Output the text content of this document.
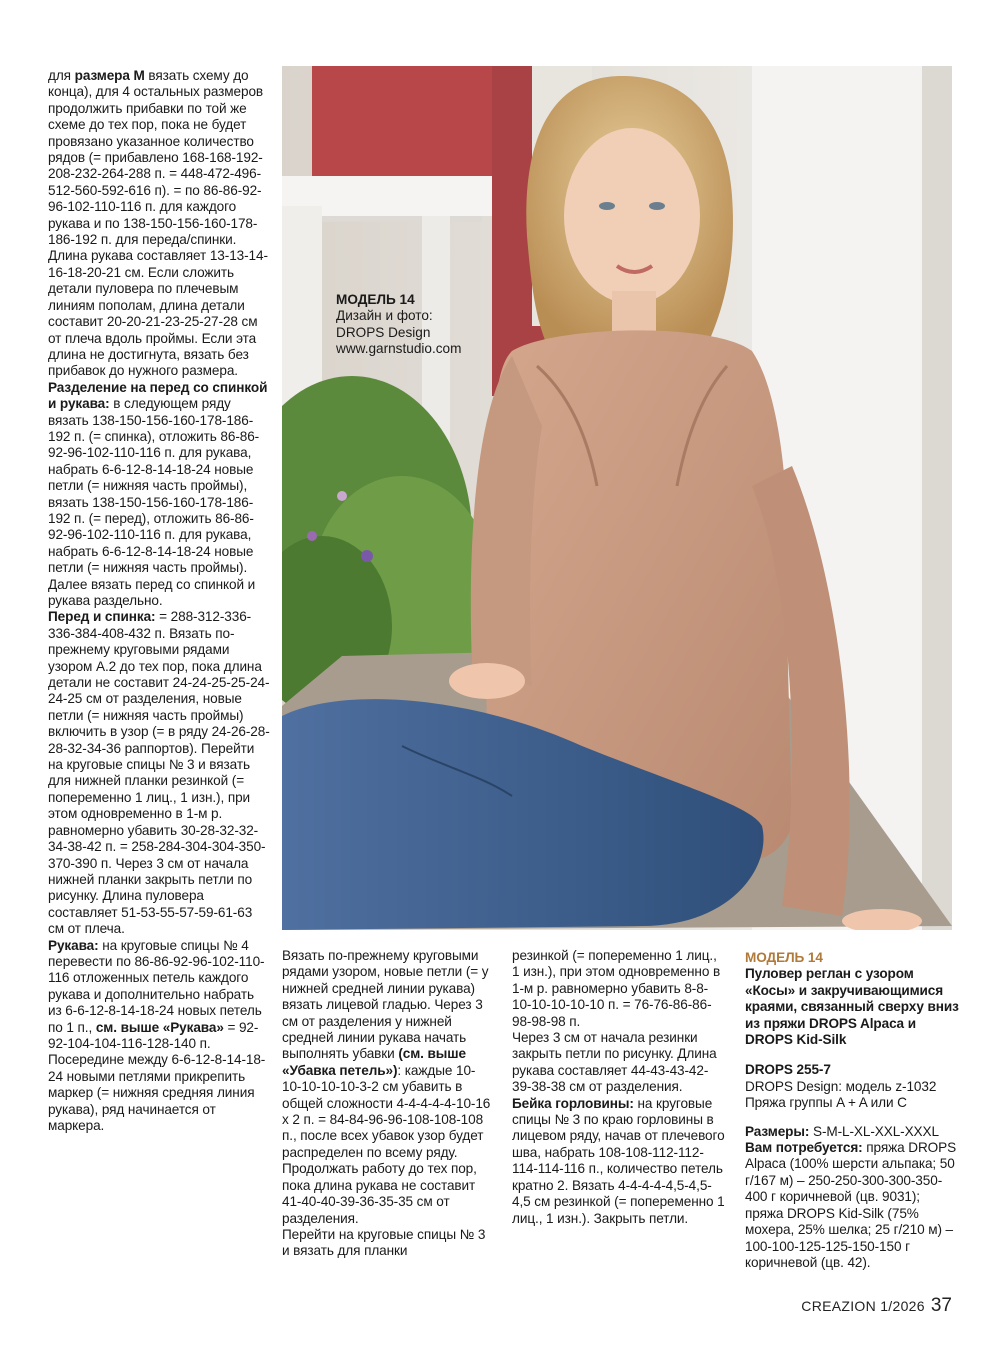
для размера M вязать схему до конца), для 4 остальных размеров продолжить прибавки по той же схеме до тех пор, пока не будет провязано указанное количество рядов (= прибавлено 168-168-192-208-232-264-288 п. = 448-472-496-512-560-592-616 п). = по 86-86-92-96-102-110-116 п. для каждого рукава и по 138-150-156-160-178-186-192 п. для переда/спинки.

Длина рукава составляет 13-13-14-16-18-20-21 см. Если сложить детали пуловера по плечевым линиям пополам, длина детали составит 20-20-21-23-25-27-28 см от плеча вдоль проймы. Если эта длина не достигнута, вязать без прибавок до нужного размера.

Разделение на перед со спинкой и рукава: в следующем ряду вязать 138-150-156-160-178-186-192 п. (= спинка), отложить 86-86-92-96-102-110-116 п. для рукава, набрать 6-6-12-8-14-18-24 новые петли (= нижняя часть проймы), вязать 138-150-156-160-178-186-192 п. (= перед), отложить 86-86-92-96-102-110-116 п. для рукава, набрать 6-6-12-8-14-18-24 новые петли (= нижняя часть проймы). Далее вязать перед со спинкой и рукава раздельно.

Перед и спинка: = 288-312-336-336-384-408-432 п. Вязать по-прежнему круговыми рядами узором A.2 до тех пор, пока длина детали не составит 24-24-25-25-24-24-25 см от разделения, новые петли (= нижняя часть проймы) включить в узор (= в ряду 24-26-28-28-32-34-36 раппортов). Перейти на круговые спицы № 3 и вязать для нижней планки резинкой (= попеременно 1 лиц., 1 изн.), при этом одновременно в 1-м р. равномерно убавить 30-28-32-32-34-38-42 п. = 258-284-304-304-350-370-390 п. Через 3 см от начала нижней планки закрыть петли по рисунку. Длина пуловера составляет 51-53-55-57-59-61-63 см от плеча.

Рукава: на круговые спицы № 4 перевести по 86-86-92-96-102-110-116 отложенных петель каждого рукава и дополнительно набрать из 6-6-12-8-14-18-24 новых петель по 1 п., см. выше «Рукава» = 92-92-104-104-116-128-140 п.

Посередине между 6-6-12-8-14-18-24 новыми петлями прикрепить маркер (= нижняя средняя линия рукава), ряд начинается от маркера.

МОДЕЛЬ 14
Дизайн и фото:
DROPS Design
www.garnstudio.com

Вязать по-прежнему круговыми рядами узором, новые петли (= у нижней средней линии рукава) вязать лицевой гладью. Через 3 см от разделения у нижней средней линии рукава начать выполнять убавки (см. выше «Убавка петель»): каждые 10-10-10-10-10-3-2 см убавить в общей сложности 4-4-4-4-4-10-16 х 2 п. = 84-84-96-96-108-108-108 п., после всех убавок узор будет распределен по всему ряду. Продолжать работу до тех пор, пока длина рукава не составит 41-40-40-39-36-35-35 см от разделения.

Перейти на круговые спицы № 3 и вязать для планки

резинкой (= попеременно 1 лиц., 1 изн.), при этом одновременно в 1-м р. равномерно убавить 8-8-10-10-10-10-10 п. = 76-76-86-86-98-98-98 п.

Через 3 см от начала резинки закрыть петли по рисунку. Длина рукава составляет 44-43-43-42-39-38-38 см от разделения.

Бейка горловины: на круговые спицы № 3 по краю горловины в лицевом ряду, начав от плечевого шва, набрать 108-108-112-112-114-114-116 п., количество петель кратно 2. Вязать 4-4-4-4-4,5-4,5-4,5 см резинкой (= попеременно 1 лиц., 1 изн.). Закрыть петли.

МОДЕЛЬ 14

Пуловер реглан с узором «Косы» и закручивающимися краями, связанный сверху вниз из пряжи DROPS Alpaca и DROPS Kid-Silk

DROPS 255-7

DROPS Design: модель z-1032

Пряжа группы A + A или C

Размеры: S-M-L-XL-XXL-XXXL

Вам потребуется: пряжа DROPS Alpaca (100% шерсти альпака; 50 г/167 м) – 250-250-300-300-350-400 г коричневой (цв. 9031); пряжа DROPS Kid-Silk (75% мохера, 25% шелка; 25 г/210 м) – 100-100-125-125-150-150 г коричневой (цв. 42).

CREAZION 1/2026 37
